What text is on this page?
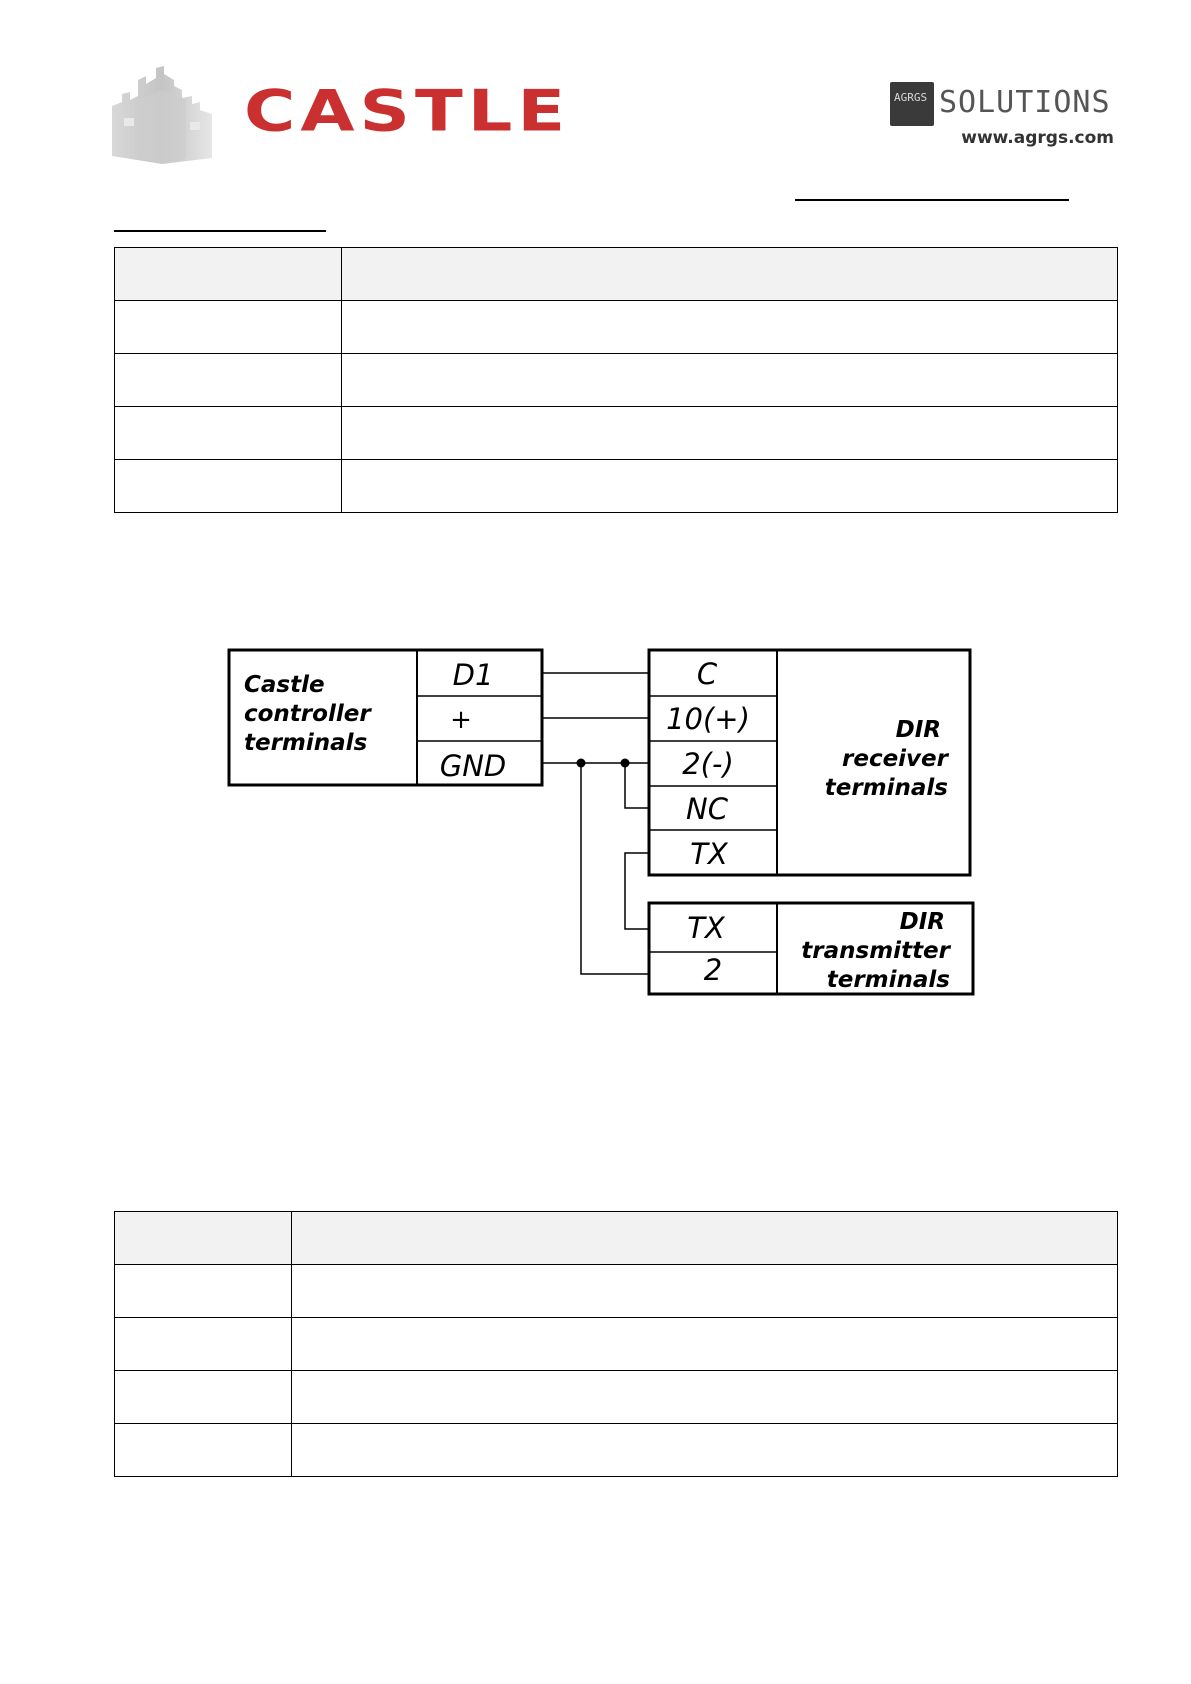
CASTLE	AGRGS SOLUTIONS
www.agrgs.com

Castle
controller
terminals
D1
+
GND
C
10(+)
2(-)
NC
TX
DIR
receiver
terminals
TX
2
DIR
transmitter
terminals
